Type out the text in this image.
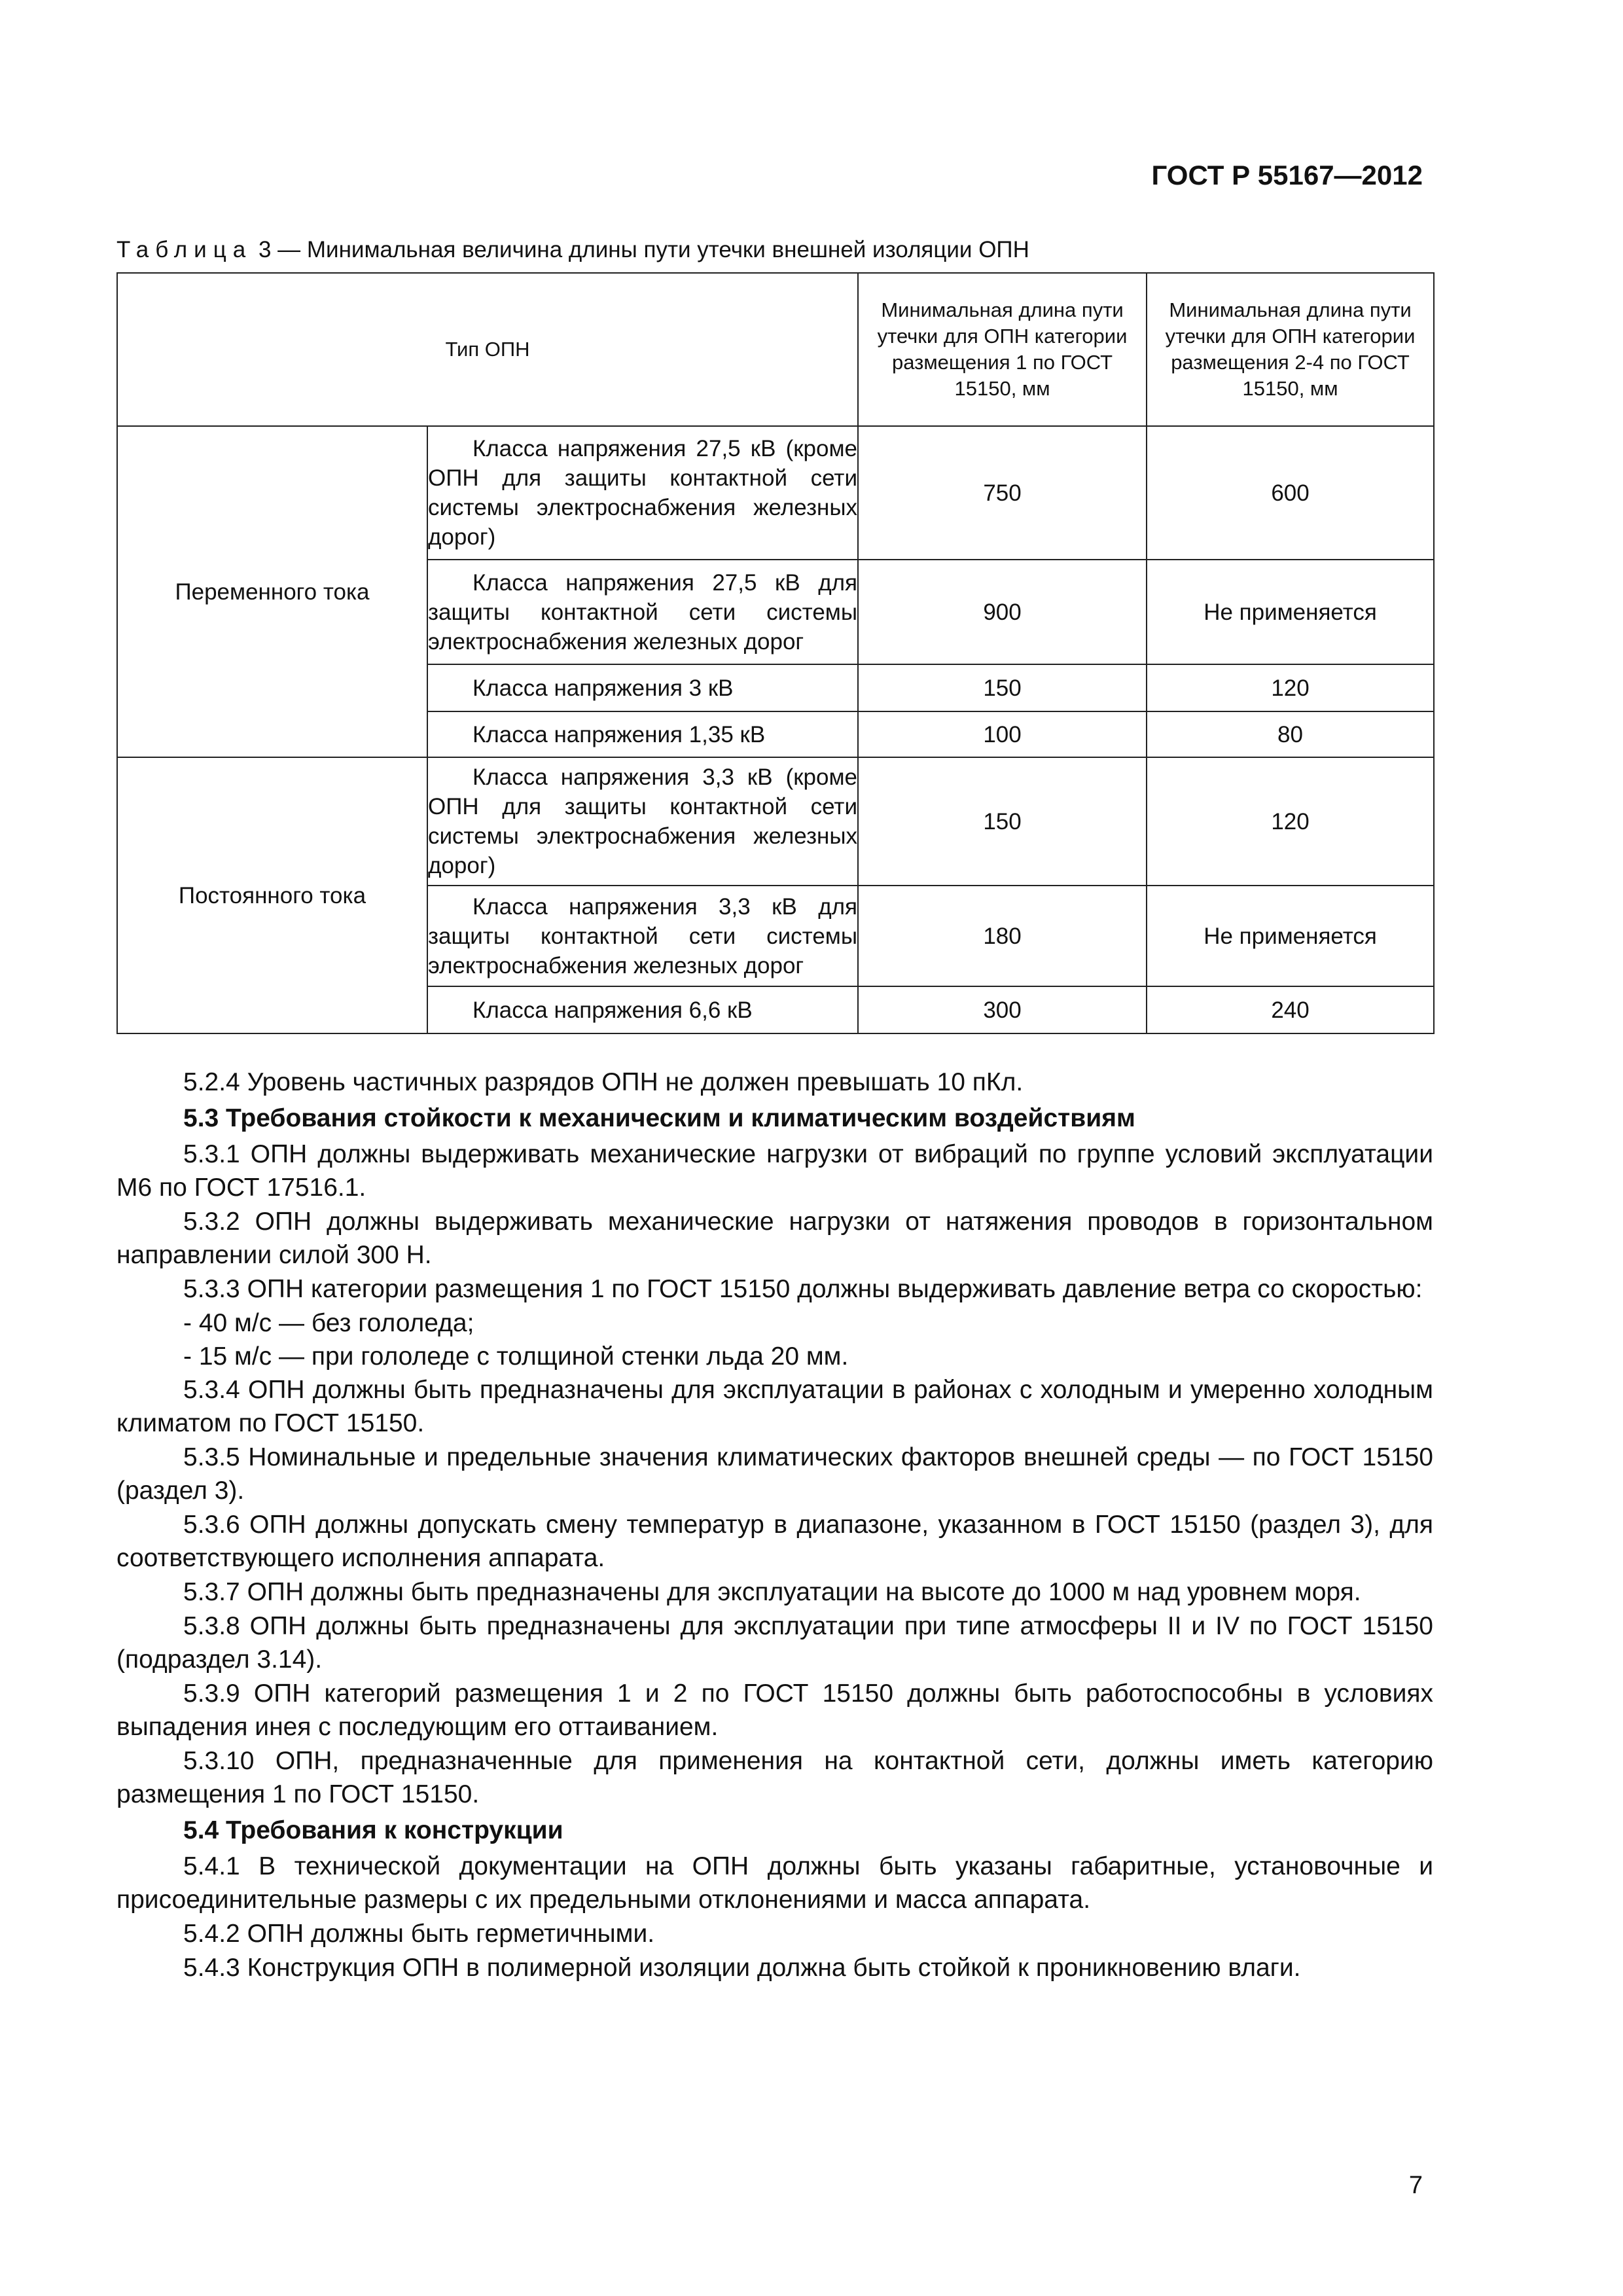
ГОСТ Р 55167—2012
Таблица 3 — Минимальная величина длины пути утечки внешней изоляции ОПН
Тип ОПН		Минимальная длина пути утечки для ОПН категории размещения 1 по ГОСТ 15150, мм	Минимальная длина пути утечки для ОПН категории размещения 2-4 по ГОСТ 15150, мм
Переменного тока	Класса напряжения 27,5 кВ (кроме ОПН для защиты контактной сети системы электроснабжения железных дорог)	750	600

	Класса напряжения 27,5 кВ для защиты контактной сети системы электроснабжения железных дорог	900	Не применяется

	Класса напряжения 3 кВ	150	120

	Класса напряжения 1,35 кВ	100	80
Постоянного тока	Класса напряжения 3,3 кВ (кроме ОПН для защиты контактной сети системы электроснабжения железных дорог)	150	120

	Класса напряжения 3,3 кВ для защиты контактной сети системы электроснабжения железных дорог	180	Не применяется

	Класса напряжения 6,6 кВ	300	240

5.2.4 Уровень частичных разрядов ОПН не должен превышать 10 пКл.

5.3 Требования стойкости к механическим и климатическим воздействиям

5.3.1 ОПН должны выдерживать механические нагрузки от вибраций по группе условий эксплуатации М6 по ГОСТ 17516.1.

5.3.2 ОПН должны выдерживать механические нагрузки от натяжения проводов в горизонтальном направлении силой 300 Н.

5.3.3 ОПН категории размещения 1 по ГОСТ 15150 должны выдерживать давление ветра со скоростью:

- 40 м/с — без гололеда;

- 15 м/с — при гололеде с толщиной стенки льда 20 мм.

5.3.4 ОПН должны быть предназначены для эксплуатации в районах с холодным и умеренно холодным климатом по ГОСТ 15150.

5.3.5 Номинальные и предельные значения климатических факторов внешней среды — по ГОСТ 15150 (раздел 3).

5.3.6 ОПН должны допускать смену температур в диапазоне, указанном в ГОСТ 15150 (раздел 3), для соответствующего исполнения аппарата.

5.3.7 ОПН должны быть предназначены для эксплуатации на высоте до 1000 м над уровнем моря.

5.3.8 ОПН должны быть предназначены для эксплуатации при типе атмосферы II и IV по ГОСТ 15150 (подраздел 3.14).

5.3.9 ОПН категорий размещения 1 и 2 по ГОСТ 15150 должны быть работоспособны в условиях выпадения инея с последующим его оттаиванием.

5.3.10 ОПН, предназначенные для применения на контактной сети, должны иметь категорию размещения 1 по ГОСТ 15150.

5.4 Требования к конструкции

5.4.1 В технической документации на ОПН должны быть указаны габаритные, установочные и присоединительные размеры с их предельными отклонениями и масса аппарата.

5.4.2 ОПН должны быть герметичными.

5.4.3 Конструкция ОПН в полимерной изоляции должна быть стойкой к проникновению влаги.

7
